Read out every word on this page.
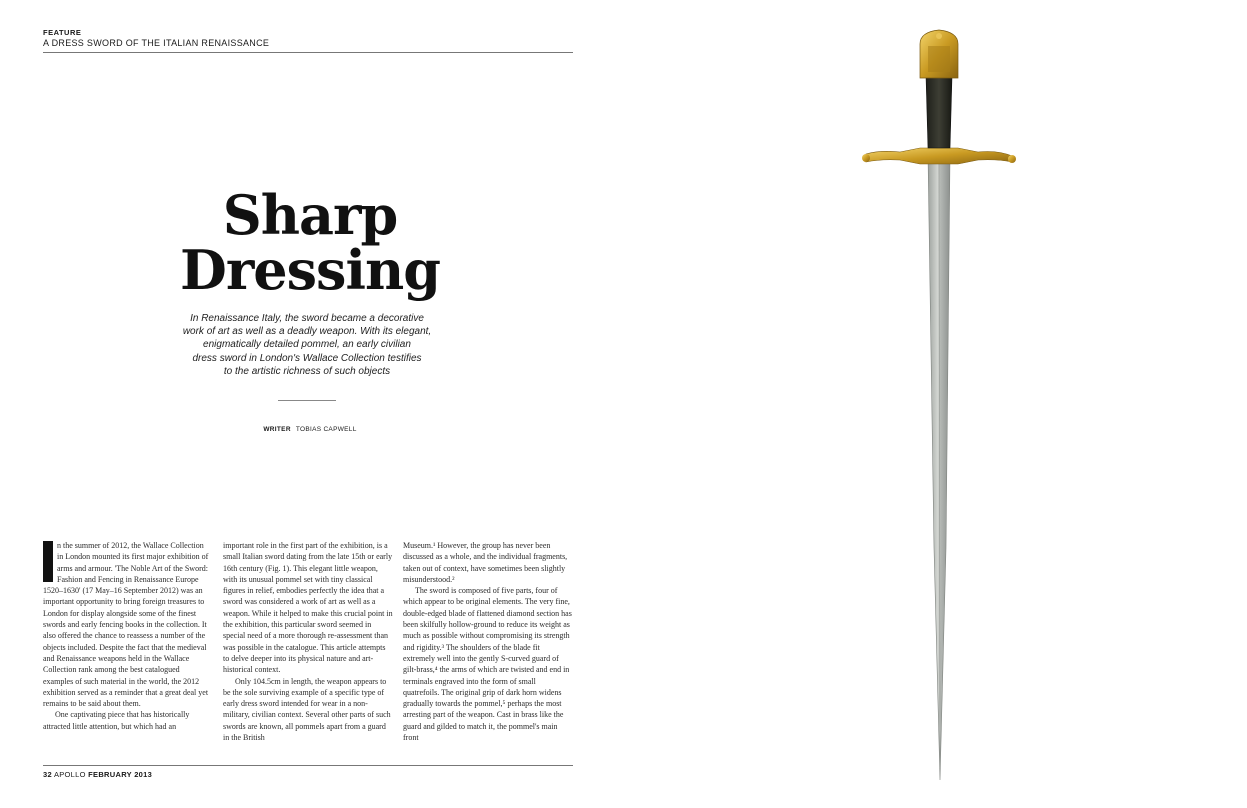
FEATURE
A DRESS SWORD OF THE ITALIAN RENAISSANCE
Sharp
Dressing
In Renaissance Italy, the sword became a decorative
work of art as well as a deadly weapon. With its elegant,
enigmatically detailed pommel, an early civilian
dress sword in London's Wallace Collection testifies
to the artistic richness of such objects
WRITER TOBIAS CAPWELL

n the summer of 2012, the Wallace Collection in London mounted its first major exhibition of arms and armour. 'The Noble Art of the Sword: Fashion and Fencing in Renaissance Europe 1520–1630' (17 May–16 September 2012) was an important opportunity to bring foreign treasures to London for display alongside some of the finest swords and early fencing books in the collection. It also offered the chance to reassess a number of the objects included. Despite the fact that the medieval and Renaissance weapons held in the Wallace Collection rank among the best catalogued examples of such material in the world, the 2012 exhibition served as a reminder that a great deal yet remains to be said about them.

One captivating piece that has historically attracted little attention, but which had an

important role in the first part of the exhibition, is a small Italian sword dating from the late 15th or early 16th century (Fig. 1). This elegant little weapon, with its unusual pommel set with tiny classical figures in relief, embodies perfectly the idea that a sword was considered a work of art as well as a weapon. While it helped to make this crucial point in the exhibition, this particular sword seemed in special need of a more thorough re-assessment than was possible in the catalogue. This article attempts to delve deeper into its physical nature and art-historical context.

Only 104.5cm in length, the weapon appears to be the sole surviving example of a specific type of early dress sword intended for wear in a non-military, civilian context. Several other parts of such swords are known, all pommels apart from a guard in the British

Museum.¹ However, the group has never been discussed as a whole, and the individual fragments, taken out of context, have sometimes been slightly misunderstood.²

The sword is composed of five parts, four of which appear to be original elements. The very fine, double-edged blade of flattened diamond section has been skilfully hollow-ground to reduce its weight as much as possible without compromising its strength and rigidity.³ The shoulders of the blade fit extremely well into the gently S-curved guard of gilt-brass,⁴ the arms of which are twisted and end in terminals engraved into the form of small quatrefoils. The original grip of dark horn widens gradually towards the pommel,⁵ perhaps the most arresting part of the weapon. Cast in brass like the guard and gilded to match it, the pommel's main front

32 APOLLO FEBRUARY 2013
